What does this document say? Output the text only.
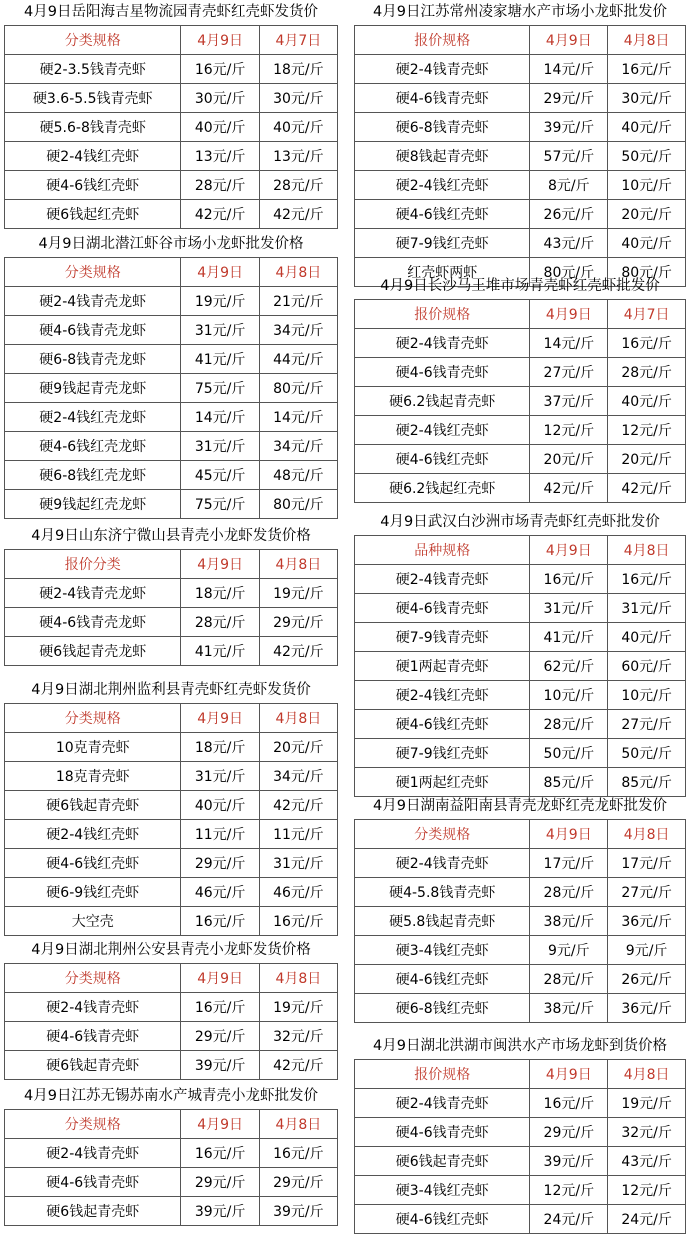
4月9日岳阳海吉星物流园青壳虾红壳虾发货价
分类规格	4月9日	4月7日
硬2-3.5钱青壳虾	16元/斤	18元/斤
硬3.6-5.5钱青壳虾	30元/斤	30元/斤
硬5.6-8钱青壳虾	40元/斤	40元/斤
硬2-4钱红壳虾	13元/斤	13元/斤
硬4-6钱红壳虾	28元/斤	28元/斤
硬6钱起红壳虾	42元/斤	42元/斤
4月9日湖北潜江虾谷市场小龙虾批发价格
分类规格	4月9日	4月8日
硬2-4钱青壳龙虾	19元/斤	21元/斤
硬4-6钱青壳龙虾	31元/斤	34元/斤
硬6-8钱青壳龙虾	41元/斤	44元/斤
硬9钱起青壳龙虾	75元/斤	80元/斤
硬2-4钱红壳龙虾	14元/斤	14元/斤
硬4-6钱红壳龙虾	31元/斤	34元/斤
硬6-8钱红壳龙虾	45元/斤	48元/斤
硬9钱起红壳龙虾	75元/斤	80元/斤
4月9日山东济宁微山县青壳小龙虾发货价格
报价分类	4月9日	4月8日
硬2-4钱青壳龙虾	18元/斤	19元/斤
硬4-6钱青壳龙虾	28元/斤	29元/斤
硬6钱起青壳龙虾	41元/斤	42元/斤
4月9日湖北荆州监利县青壳虾红壳虾发货价
分类规格	4月9日	4月8日
10克青壳虾	18元/斤	20元/斤
18克青壳虾	31元/斤	34元/斤
硬6钱起青壳虾	40元/斤	42元/斤
硬2-4钱红壳虾	11元/斤	11元/斤
硬4-6钱红壳虾	29元/斤	31元/斤
硬6-9钱红壳虾	46元/斤	46元/斤
大空壳	16元/斤	16元/斤
4月9日湖北荆州公安县青壳小龙虾发货价格
分类规格	4月9日	4月8日
硬2-4钱青壳虾	16元/斤	19元/斤
硬4-6钱青壳虾	29元/斤	32元/斤
硬6钱起青壳虾	39元/斤	42元/斤
4月9日江苏无锡苏南水产城青壳小龙虾批发价
分类规格	4月9日	4月8日
硬2-4钱青壳虾	16元/斤	16元/斤
硬4-6钱青壳虾	29元/斤	29元/斤
硬6钱起青壳虾	39元/斤	39元/斤
4月9日江苏常州凌家塘水产市场小龙虾批发价
报价规格	4月9日	4月8日
硬2-4钱青壳虾	14元/斤	16元/斤
硬4-6钱青壳虾	29元/斤	30元/斤
硬6-8钱青壳虾	39元/斤	40元/斤
硬8钱起青壳虾	57元/斤	50元/斤
硬2-4钱红壳虾	8元/斤	10元/斤
硬4-6钱红壳虾	26元/斤	20元/斤
硬7-9钱红壳虾	43元/斤	40元/斤
红壳虾两虾	80元/斤	80元/斤
4月9日长沙马王堆市场青壳虾红壳虾批发价
报价规格	4月9日	4月7日
硬2-4钱青壳虾	14元/斤	16元/斤
硬4-6钱青壳虾	27元/斤	28元/斤
硬6.2钱起青壳虾	37元/斤	40元/斤
硬2-4钱红壳虾	12元/斤	12元/斤
硬4-6钱红壳虾	20元/斤	20元/斤
硬6.2钱起红壳虾	42元/斤	42元/斤
4月9日武汉白沙洲市场青壳虾红壳虾批发价
品种规格	4月9日	4月8日
硬2-4钱青壳虾	16元/斤	16元/斤
硬4-6钱青壳虾	31元/斤	31元/斤
硬7-9钱青壳虾	41元/斤	40元/斤
硬1两起青壳虾	62元/斤	60元/斤
硬2-4钱红壳虾	10元/斤	10元/斤
硬4-6钱红壳虾	28元/斤	27元/斤
硬7-9钱红壳虾	50元/斤	50元/斤
硬1两起红壳虾	85元/斤	85元/斤
4月9日湖南益阳南县青壳龙虾红壳龙虾批发价
分类规格	4月9日	4月8日
硬2-4钱青壳虾	17元/斤	17元/斤
硬4-5.8钱青壳虾	28元/斤	27元/斤
硬5.8钱起青壳虾	38元/斤	36元/斤
硬3-4钱红壳虾	9元/斤	9元/斤
硬4-6钱红壳虾	28元/斤	26元/斤
硬6-8钱红壳虾	38元/斤	36元/斤
4月9日湖北洪湖市闽洪水产市场龙虾到货价格
报价规格	4月9日	4月8日
硬2-4钱青壳虾	16元/斤	19元/斤
硬4-6钱青壳虾	29元/斤	32元/斤
硬6钱起青壳虾	39元/斤	43元/斤
硬3-4钱红壳虾	12元/斤	12元/斤
硬4-6钱红壳虾	24元/斤	24元/斤
